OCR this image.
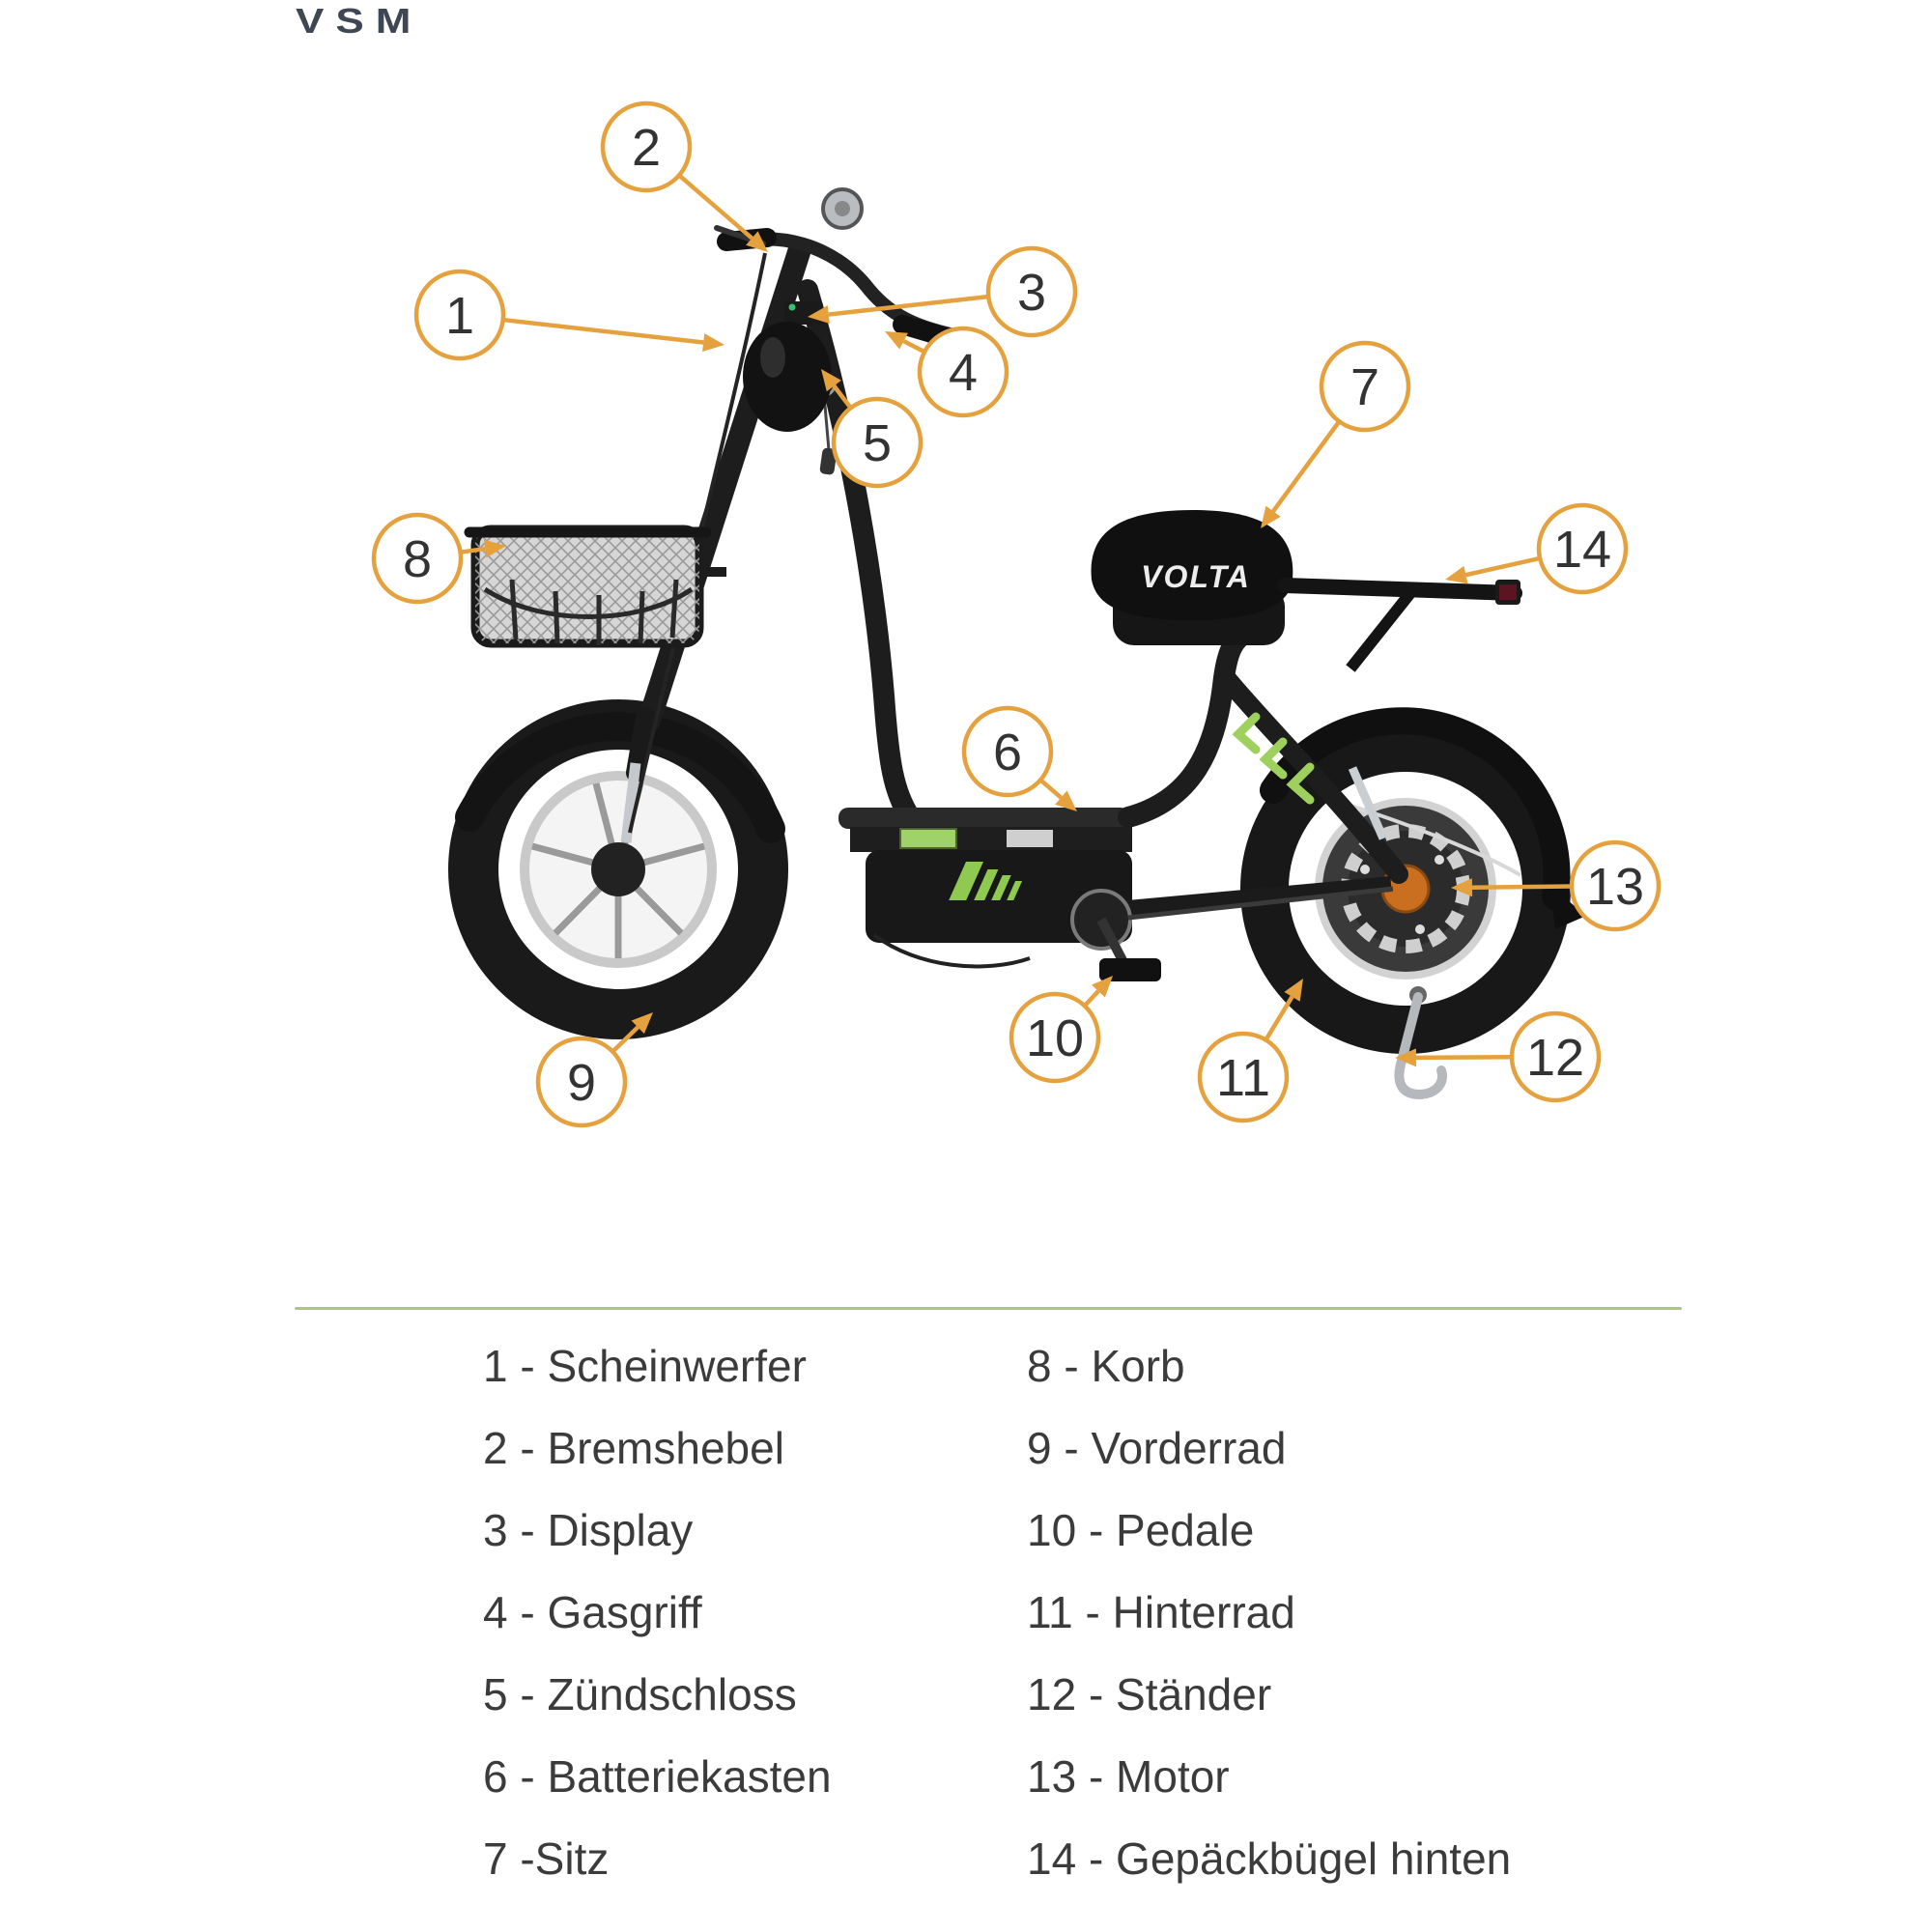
VSM
VOLTA
1
2
3
4
5
6
7
8
9
10
11	12
13
14
1 - Scheinwerfer
2 - Bremshebel
3 - Display
4 - Gasgriff
5 - Zündschloss
6 - Batteriekasten
7 -Sitz
8 - Korb
9 - Vorderrad
10 - Pedale
11 - Hinterrad
12 - Ständer
13 - Motor
14 - Gepäckbügel hinten
